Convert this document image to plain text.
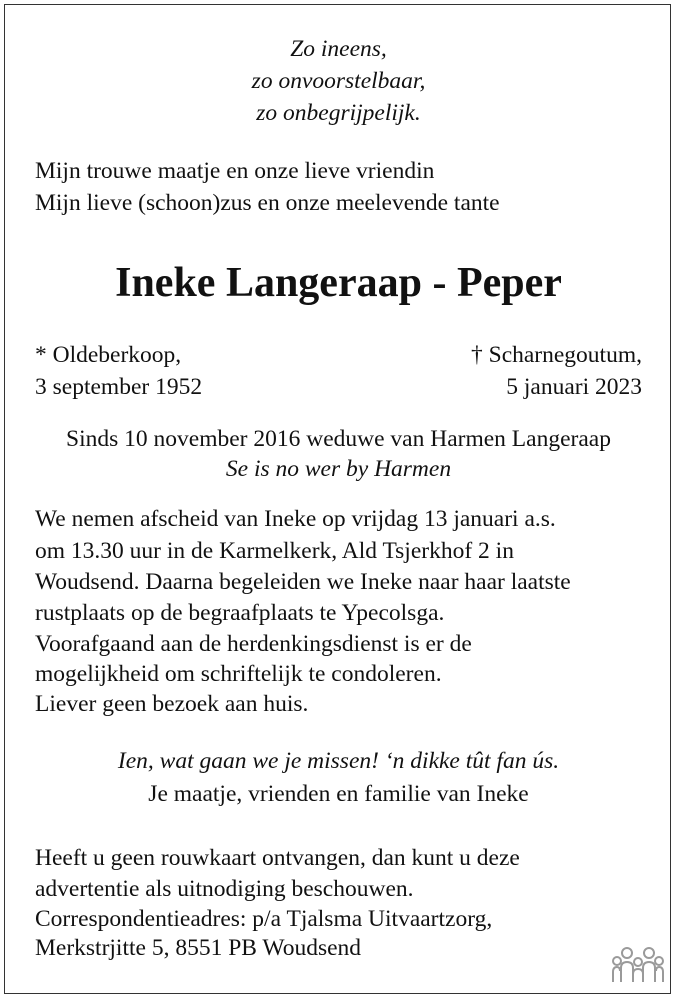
Zo ineens,
zo onvoorstelbaar,
zo onbegrijpelijk.
Mijn trouwe maatje en onze lieve vriendin
Mijn lieve (schoon)zus en onze meelevende tante
Ineke Langeraap - Peper
* Oldeberkoop,
3 september 1952
† Scharnegoutum,
5 januari 2023
Sinds 10 november 2016 weduwe van Harmen Langeraap
Se is no wer by Harmen
We nemen afscheid van Ineke op vrijdag 13 januari a.s.
om 13.30 uur in de Karmelkerk, Ald Tsjerkhof 2 in
Woudsend. Daarna begeleiden we Ineke naar haar laatste
rustplaats op de begraafplaats te Ypecolsga.
Voorafgaand aan de herdenkingsdienst is er de
mogelijkheid om schriftelijk te condoleren.
Liever geen bezoek aan huis.
Ien, wat gaan we je missen! ‘n dikke tût fan ús.
Je maatje, vrienden en familie van Ineke
Heeft u geen rouwkaart ontvangen, dan kunt u deze
advertentie als uitnodiging beschouwen.
Correspondentieadres: p/a Tjalsma Uitvaartzorg,
Merkstrjitte 5, 8551 PB Woudsend
